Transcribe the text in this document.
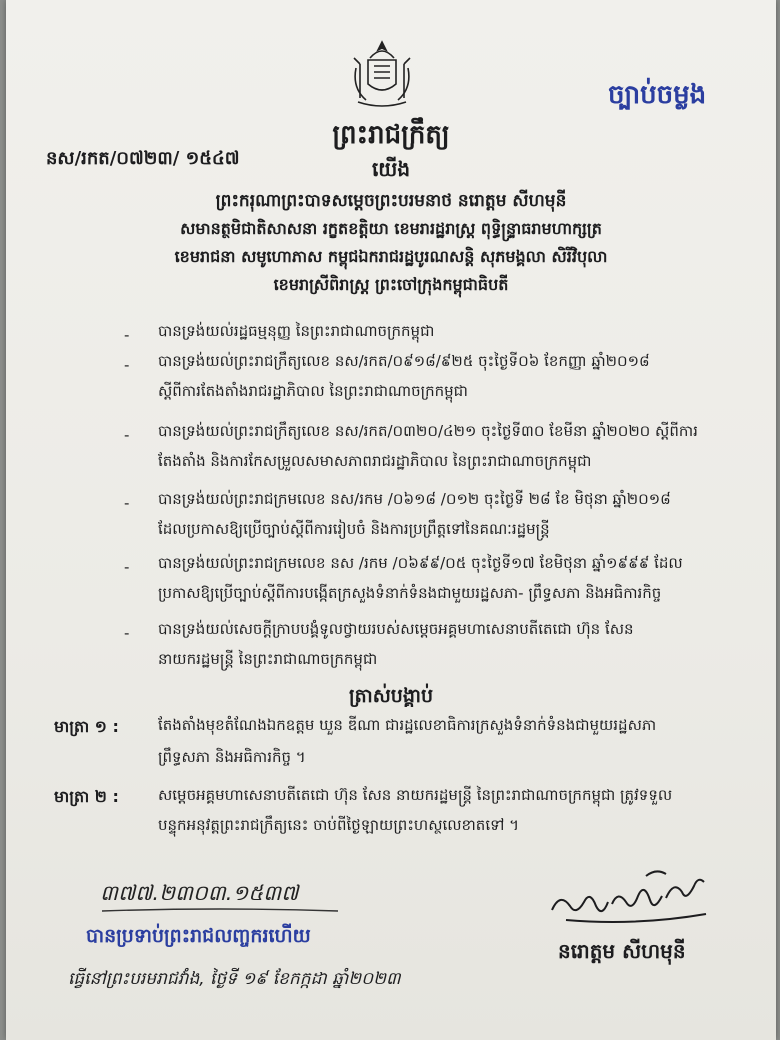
ច្បាប់ចម្លង
ព្រះរាជក្រឹត្យ
នស/រកត/០៧២៣/ ១៥៤៧	យើង
ព្រះករុណាព្រះបាទសម្តេចព្រះបរមនាថ នរោត្តម សីហមុនី
សមានត្ថមិជាតិសាសនា រក្ខតខត្តិយា ខេមរារដ្ឋរាស្ត្រ ពុទ្ធិន្ទ្រាធរាមហាក្សត្រ
ខេមរាជនា សមូហោភាស កម្ពុជឯករាជរដ្ឋបូរណសន្តិ សុភមង្គលា សិរីវិបុលា
ខេមរាស្រីពិរាស្ត្រ ព្រះចៅក្រុងកម្ពុជាធិបតី
- បានទ្រង់យល់រដ្ឋធម្មនុញ្ញ នៃព្រះរាជាណាចក្រកម្ពុជា
- បានទ្រង់យល់ព្រះរាជក្រឹត្យលេខ នស/រកត/០៩១៨/៩២៥ ចុះថ្ងៃទី០៦ ខែកញ្ញា ឆ្នាំ២០១៨
ស្តីពីការតែងតាំងរាជរដ្ឋាភិបាល នៃព្រះរាជាណាចក្រកម្ពុជា
- បានទ្រង់យល់ព្រះរាជក្រឹត្យលេខ នស/រកត/០៣២០/៤២១ ចុះថ្ងៃទី៣០ ខែមីនា ឆ្នាំ២០២០ ស្តីពីការ
តែងតាំង និងការកែសម្រួលសមាសភាពរាជរដ្ឋាភិបាល នៃព្រះរាជាណាចក្រកម្ពុជា
- បានទ្រង់យល់ព្រះរាជក្រមលេខ នស/រកម /០៦១៨ /០១២ ចុះថ្ងៃទី ២៨ ខែ មិថុនា ឆ្នាំ២០១៨
ដែលប្រកាសឱ្យប្រើច្បាប់ស្តីពីការរៀបចំ និងការប្រព្រឹត្តទៅនៃគណៈរដ្ឋមន្ត្រី
- បានទ្រង់យល់ព្រះរាជក្រមលេខ នស /រកម /០៦៩៩/០៥ ចុះថ្ងៃទី១៧ ខែមិថុនា ឆ្នាំ១៩៩៩ ដែល
ប្រកាសឱ្យប្រើច្បាប់ស្តីពីការបង្កើតក្រសួងទំនាក់ទំនងជាមួយរដ្ឋសភា- ព្រឹទ្ធសភា និងអធិការកិច្ច
- បានទ្រង់យល់សេចក្តីក្រាបបង្គំទូលថ្វាយរបស់សម្តេចអគ្គមហាសេនាបតីតេជោ ហ៊ុន សែន
នាយករដ្ឋមន្ត្រី នៃព្រះរាជាណាចក្រកម្ពុជា
ត្រាស់បង្គាប់
មាត្រា ១ :	តែងតាំងមុខតំណែងឯកឧត្តម ឃួន ឌីណា ជារដ្ឋលេខាធិការក្រសួងទំនាក់ទំនងជាមួយរដ្ឋសភា
ព្រឹទ្ធសភា និងអធិការកិច្ច ។
មាត្រា ២ :	សម្តេចអគ្គមហាសេនាបតីតេជោ ហ៊ុន សែន នាយករដ្ឋមន្ត្រី នៃព្រះរាជាណាចក្រកម្ពុជា ត្រូវទទួល
បន្ទុកអនុវត្តព្រះរាជក្រឹត្យនេះ ចាប់ពីថ្ងៃឡាយព្រះហស្ថលេខាតទៅ ។
៣៧៧.២៣០៣.១៥៣៧
បានប្រទាប់ព្រះរាជលញ្ចករហើយ
នរោត្តម សីហមុនី
ធ្វើនៅព្រះបរមរាជវាំង, ថ្ងៃទី ១៩ ខែកក្កដា ឆ្នាំ២០២៣
